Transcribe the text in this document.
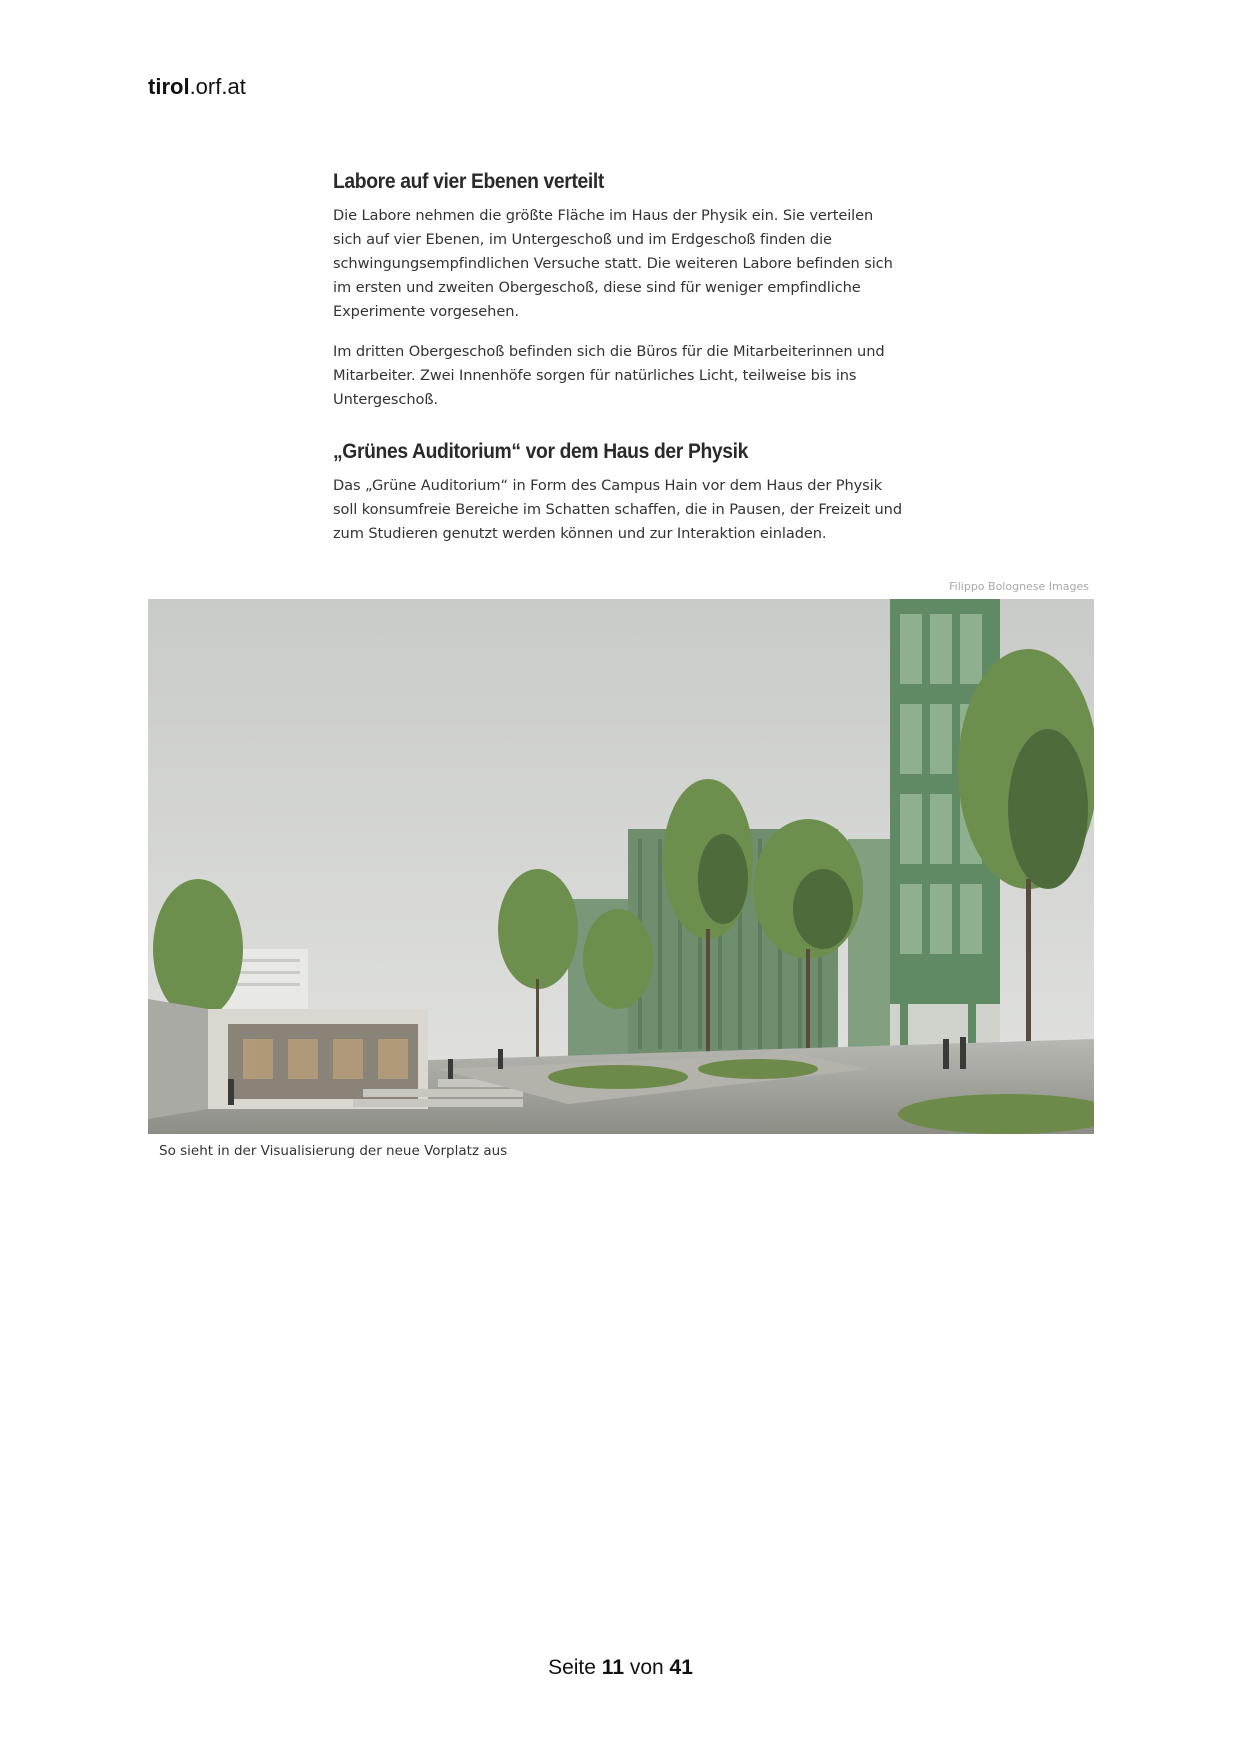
tirol.orf.at
Labore auf vier Ebenen verteilt

Die Labore nehmen die größte Fläche im Haus der Physik ein. Sie verteilen sich auf vier Ebenen, im Untergeschoß und im Erdgeschoß finden die schwingungsempfindlichen Versuche statt. Die weiteren Labore befinden sich im ersten und zweiten Obergeschoß, diese sind für weniger empfindliche Experimente vorgesehen.

Im dritten Obergeschoß befinden sich die Büros für die Mitarbeiterinnen und Mitarbeiter. Zwei Innenhöfe sorgen für natürliches Licht, teilweise bis ins Untergeschoß.

„Grünes Auditorium“ vor dem Haus der Physik

Das „Grüne Auditorium“ in Form des Campus Hain vor dem Haus der Physik soll konsumfreie Bereiche im Schatten schaffen, die in Pausen, der Freizeit und zum Studieren genutzt werden können und zur Interaktion einladen.

Filippo Bolognese Images
So sieht in der Visualisierung der neue Vorplatz aus
Seite 11 von 41
